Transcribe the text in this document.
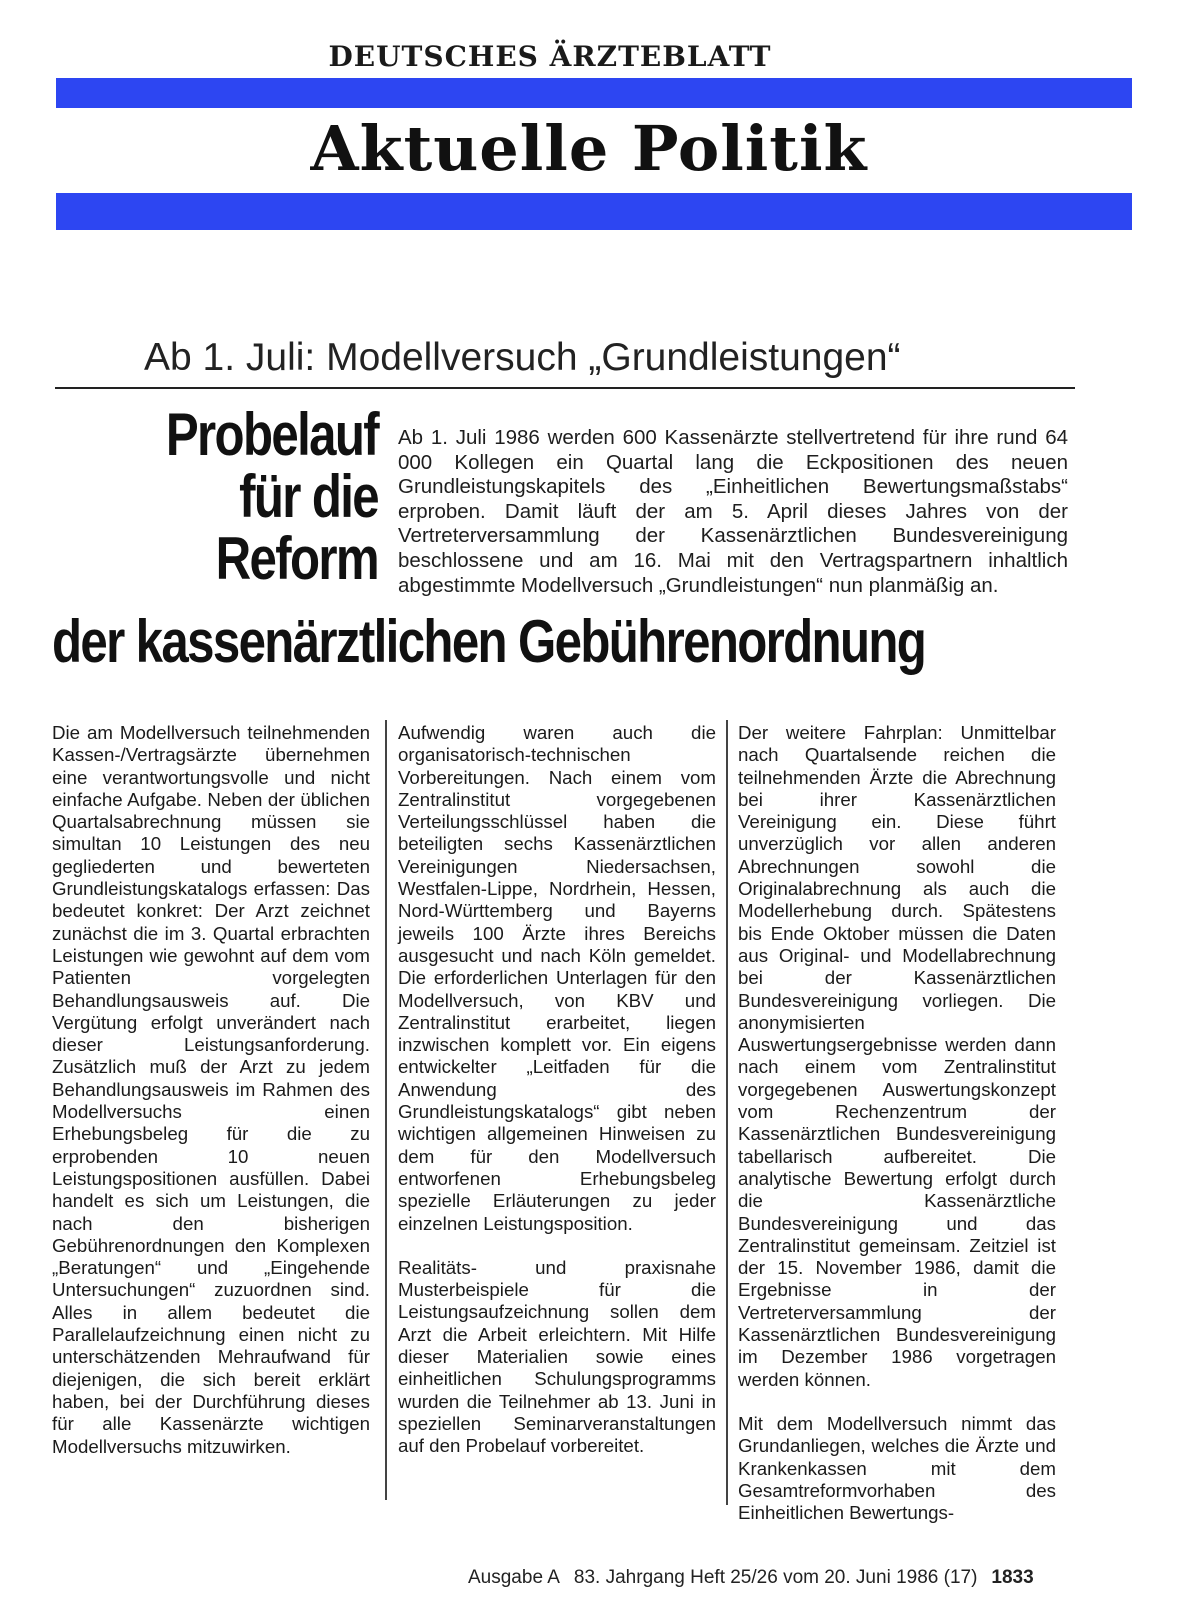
DEUTSCHES ÄRZTEBLATT
Aktuelle Politik
Ab 1. Juli: Modellversuch „Grundleistungen“
Probelauf
für die
Reform
der kassenärztlichen Gebührenordnung
Ab 1. Juli 1986 werden 600 Kassenärzte stellvertretend für ihre rund 64 000 Kollegen ein Quartal lang die Eckpositionen des neuen Grundleistungskapitels des „Einheitlichen Bewertungsmaßstabs“ erproben. Damit läuft der am 5. April dieses Jahres von der Vertreterversammlung der Kassenärztlichen Bundesvereinigung beschlossene und am 16. Mai mit den Vertragspartnern inhaltlich abgestimmte Modellversuch „Grundleistungen“ nun planmäßig an.

Die am Modellversuch teilnehmenden Kassen-/Vertragsärzte übernehmen eine verantwortungsvolle und nicht einfache Aufgabe. Neben der üblichen Quartalsabrechnung müssen sie simultan 10 Leistungen des neu gegliederten und bewerteten Grundleistungskatalogs erfassen: Das bedeutet konkret: Der Arzt zeichnet zunächst die im 3. Quartal erbrachten Leistungen wie gewohnt auf dem vom Patienten vorgelegten Behandlungsausweis auf. Die Vergütung erfolgt unverändert nach dieser Leistungsanforderung. Zusätzlich muß der Arzt zu jedem Behandlungsausweis im Rahmen des Modellversuchs einen Erhebungsbeleg für die zu erprobenden 10 neuen Leistungspositionen ausfüllen. Dabei handelt es sich um Leistungen, die nach den bisherigen Gebührenordnungen den Komplexen „Beratungen“ und „Eingehende Untersuchungen“ zuzuordnen sind. Alles in allem bedeutet die Parallelaufzeichnung einen nicht zu unterschätzenden Mehraufwand für diejenigen, die sich bereit erklärt haben, bei der Durchführung dieses für alle Kassenärzte wichtigen Modellversuchs mitzuwirken.

Aufwendig waren auch die organisatorisch-technischen Vorbereitungen. Nach einem vom Zentralinstitut vorgegebenen Verteilungsschlüssel haben die beteiligten sechs Kassenärztlichen Vereinigungen Niedersachsen, Westfalen-Lippe, Nordrhein, Hessen, Nord-Württemberg und Bayerns jeweils 100 Ärzte ihres Bereichs ausgesucht und nach Köln gemeldet. Die erforderlichen Unterlagen für den Modellversuch, von KBV und Zentralinstitut erarbeitet, liegen inzwischen komplett vor. Ein eigens entwickelter „Leitfaden für die Anwendung des Grundleistungskatalogs“ gibt neben wichtigen allgemeinen Hinweisen zu dem für den Modellversuch entworfenen Erhebungsbeleg spezielle Erläuterungen zu jeder einzelnen Leistungsposition.

Realitäts- und praxisnahe Musterbeispiele für die Leistungsaufzeichnung sollen dem Arzt die Arbeit erleichtern. Mit Hilfe dieser Materialien sowie eines einheitlichen Schulungsprogramms wurden die Teilnehmer ab 13. Juni in speziellen Seminarveranstaltungen auf den Probelauf vorbereitet.

Der weitere Fahrplan: Unmittelbar nach Quartalsende reichen die teilnehmenden Ärzte die Abrechnung bei ihrer Kassenärztlichen Vereinigung ein. Diese führt unverzüglich vor allen anderen Abrechnungen sowohl die Originalabrechnung als auch die Modellerhebung durch. Spätestens bis Ende Oktober müssen die Daten aus Original- und Modellabrechnung bei der Kassenärztlichen Bundesvereinigung vorliegen. Die anonymisierten Auswertungsergebnisse werden dann nach einem vom Zentralinstitut vorgegebenen Auswertungskonzept vom Rechenzentrum der Kassenärztlichen Bundesvereinigung tabellarisch aufbereitet. Die analytische Bewertung erfolgt durch die Kassenärztliche Bundesvereinigung und das Zentralinstitut gemeinsam. Zeitziel ist der 15. November 1986, damit die Ergebnisse in der Vertreterversammlung der Kassenärztlichen Bundesvereinigung im Dezember 1986 vorgetragen werden können.

Mit dem Modellversuch nimmt das Grundanliegen, welches die Ärzte und Krankenkassen mit dem Gesamtreformvorhaben des Einheitlichen Bewertungs-

Ausgabe A 83. Jahrgang Heft 25/26 vom 20. Juni 1986 (17) 1833
